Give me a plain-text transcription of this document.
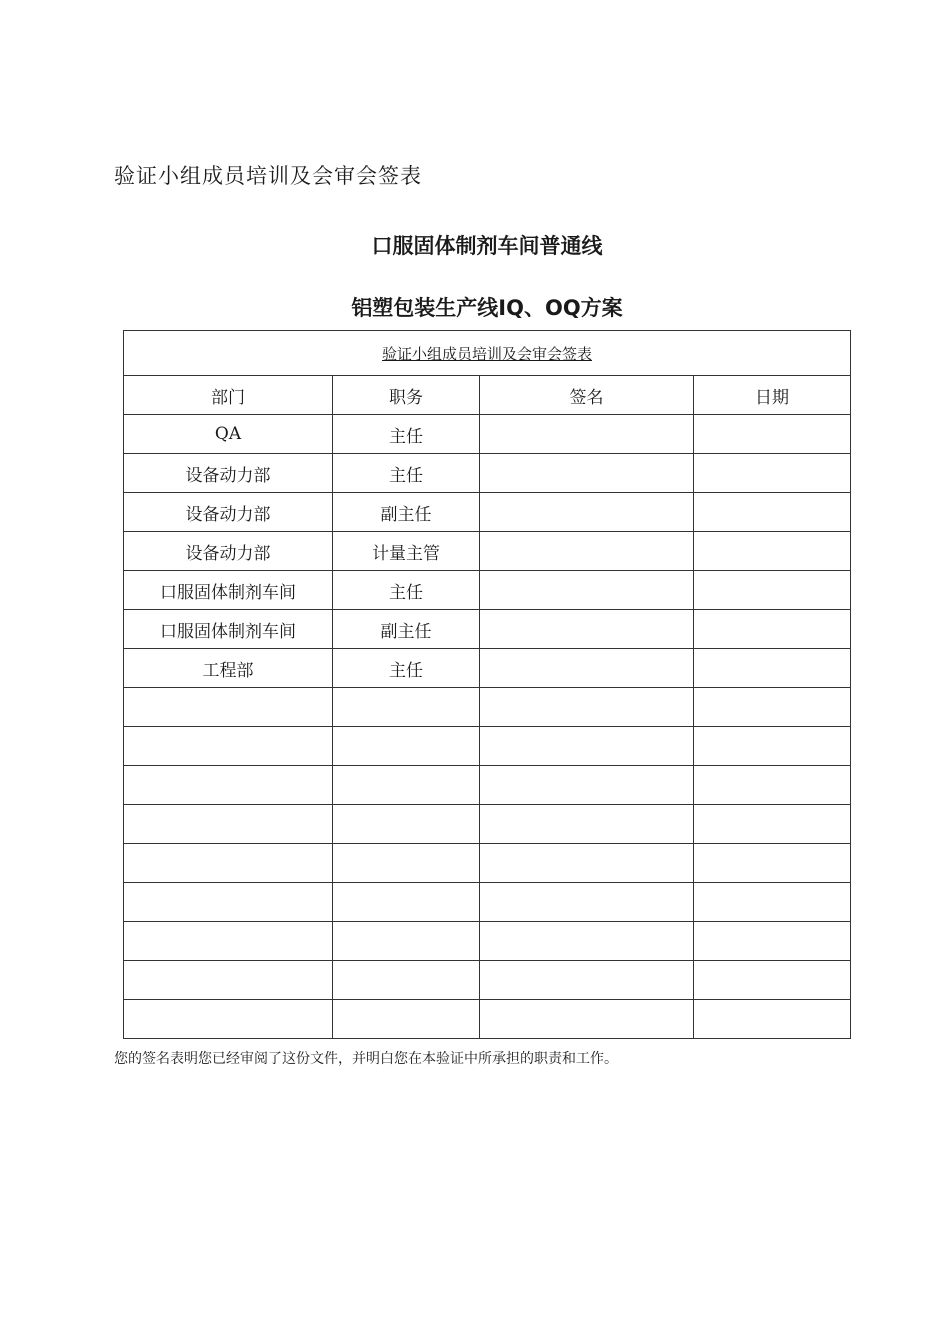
验证小组成员培训及会审会签表
口服固体制剂车间普通线
铝塑包装生产线IQ、OQ方案
验证小组成员培训及会审会签表			
部门	职务	签名	日期
QA	主任		
设备动力部	主任		
设备动力部	副主任		
设备动力部	计量主管		
口服固体制剂车间	主任		
口服固体制剂车间	副主任		
工程部	主任		

您的签名表明您已经审阅了这份文件，并明白您在本验证中所承担的职责和工作。
